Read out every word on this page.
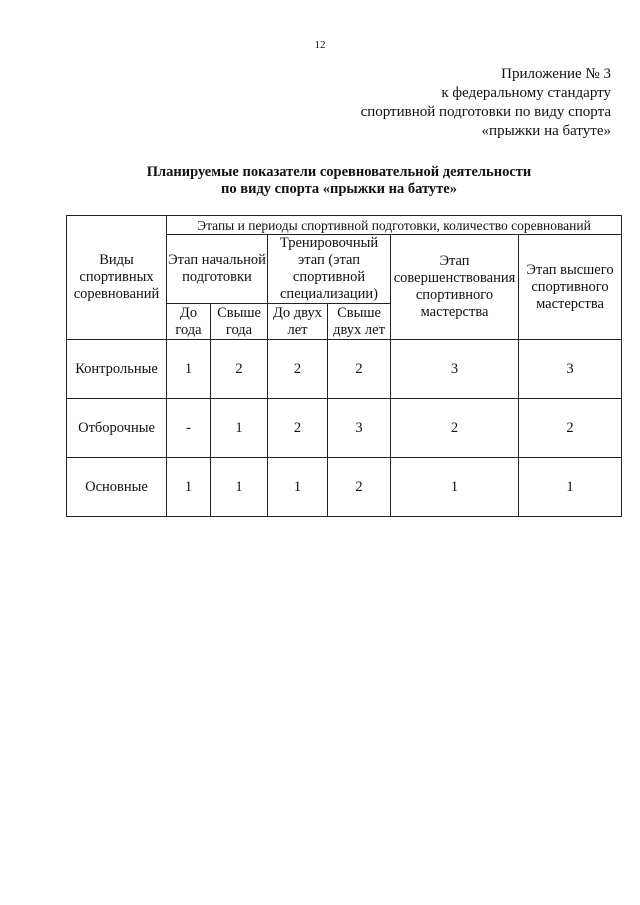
12
Приложение № 3
к федеральному стандарту
спортивной подготовки по виду спорта
«прыжки на батуте»
Планируемые показатели соревновательной деятельности
по виду спорта «прыжки на батуте»
Виды спортивных соревнований	Этапы и периоды спортивной подготовки, количество соревнований					
	Этап начальной подготовки		Тренировочный этап (этап спортивной специализации)		Этап совершенствования спортивного мастерства	Этап высшего спортивного мастерства
	До года	Свыше года	До двух лет	Свыше двух лет		
Контрольные	1	2	2	2	3	3
Отборочные	-	1	2	3	2	2
Основные	1	1	1	2	1	1
